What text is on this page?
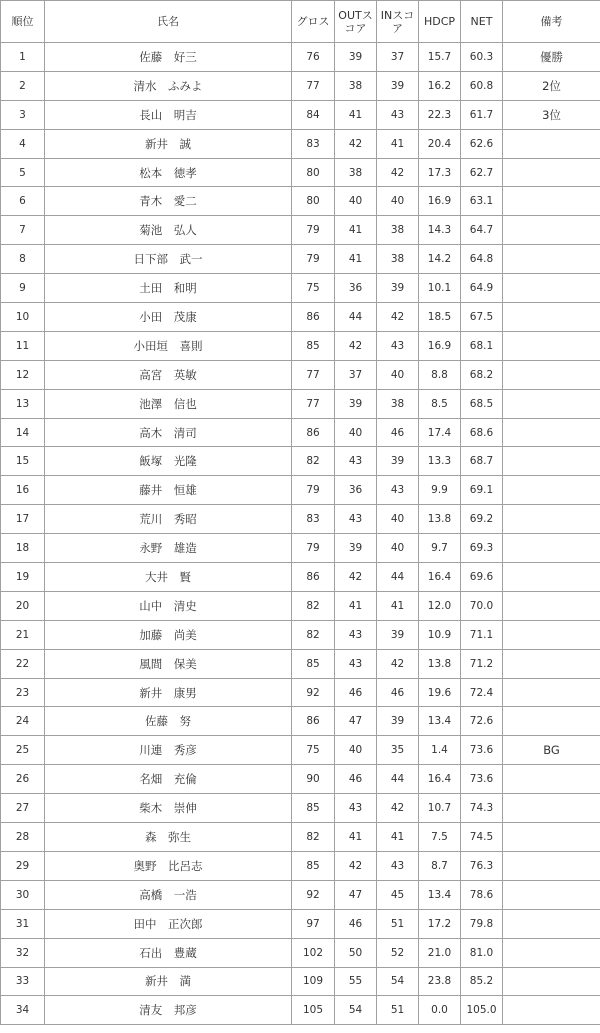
順位	氏名	グロス	OUTスコア	INスコア	HDCP	NET	備考
1	佐藤　好三	76	39	37	15.7	60.3	優勝
2	清水　ふみよ	77	38	39	16.2	60.8	2位
3	長山　明吉	84	41	43	22.3	61.7	3位
4	新井　誠	83	42	41	20.4	62.6	
5	松本　徳孝	80	38	42	17.3	62.7	
6	青木　愛二	80	40	40	16.9	63.1	
7	菊池　弘人	79	41	38	14.3	64.7	
8	日下部　武一	79	41	38	14.2	64.8	
9	土田　和明	75	36	39	10.1	64.9	
10	小田　茂康	86	44	42	18.5	67.5	
11	小田垣　喜則	85	42	43	16.9	68.1	
12	高宮　英敏	77	37	40	8.8	68.2	
13	池澤　信也	77	39	38	8.5	68.5	
14	高木　清司	86	40	46	17.4	68.6	
15	飯塚　光隆	82	43	39	13.3	68.7	
16	藤井　恒雄	79	36	43	9.9	69.1	
17	荒川　秀昭	83	43	40	13.8	69.2	
18	永野　雄造	79	39	40	9.7	69.3	
19	大井　賢	86	42	44	16.4	69.6	
20	山中　清史	82	41	41	12.0	70.0	
21	加藤　尚美	82	43	39	10.9	71.1	
22	風間　保美	85	43	42	13.8	71.2	
23	新井　康男	92	46	46	19.6	72.4	
24	佐藤　努	86	47	39	13.4	72.6	
25	川連　秀彦	75	40	35	1.4	73.6	BG
26	名畑　充倫	90	46	44	16.4	73.6	
27	柴木　崇伸	85	43	42	10.7	74.3	
28	森　弥生	82	41	41	7.5	74.5	
29	奥野　比呂志	85	42	43	8.7	76.3	
30	高橋　一浩	92	47	45	13.4	78.6	
31	田中　正次郎	97	46	51	17.2	79.8	
32	石出　豊蔵	102	50	52	21.0	81.0	
33	新井　満	109	55	54	23.8	85.2	
34	清友　邦彦	105	54	51	0.0	105.0	
